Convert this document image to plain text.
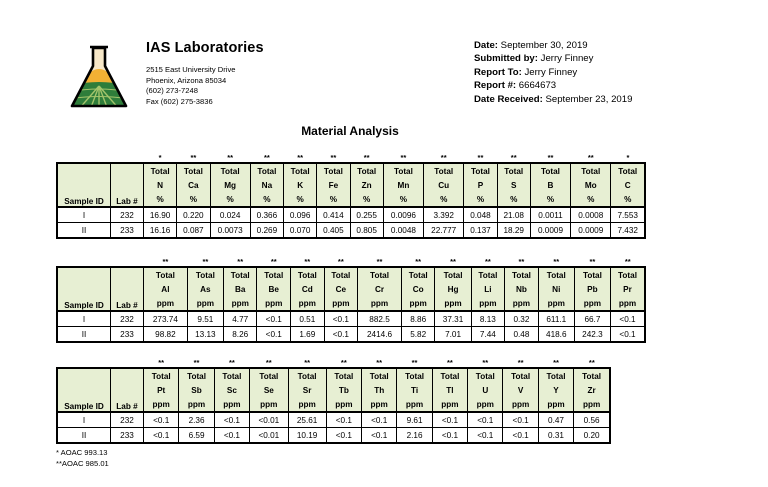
IAS Laboratories
2515 East University Drive
Phoenix, Arizona 85034
(602) 273-7248
Fax (602) 275-3836
Date: September 30, 2019
Submitted by: Jerry Finney
Report To: Jerry Finney
Report #: 6664673
Date Received: September 23, 2019
Material Analysis
		*	**	**	**	**	**	**	**	**	**	**	**	**	*
		Total	Total	Total	Total	Total	Total	Total	Total	Total	Total	Total	Total	Total	Total
		N	Ca	Mg	Na	K	Fe	Zn	Mn	Cu	P	S	B	Mo	C
Sample ID	Lab #	%	%	%	%	%	%	%	%	%	%	%	%	%	%
I	232	16.90	0.220	0.024	0.366	0.096	0.414	0.255	0.0096	3.392	0.048	21.08	0.0011	0.0008	7.553
II	233	16.16	0.087	0.0073	0.269	0.070	0.405	0.805	0.0048	22.777	0.137	18.29	0.0009	0.0009	7.432
		**	**	**	**	**	**	**	**	**	**	**	**	**	**
		Total	Total	Total	Total	Total	Total	Total	Total	Total	Total	Total	Total	Total	Total
		Al	As	Ba	Be	Cd	Ce	Cr	Co	Hg	Li	Nb	Ni	Pb	Pr
Sample ID	Lab #	ppm	ppm	ppm	ppm	ppm	ppm	ppm	ppm	ppm	ppm	ppm	ppm	ppm	ppm
I	232	273.74	9.51	4.77	<0.1	0.51	<0.1	882.5	8.86	37.31	8.13	0.32	611.1	66.7	<0.1
II	233	98.82	13.13	8.26	<0.1	1.69	<0.1	2414.6	5.82	7.01	7.44	0.48	418.6	242.3	<0.1
		**	**	**	**	**	**	**	**	**	**	**	**	**
		Total	Total	Total	Total	Total	Total	Total	Total	Total	Total	Total	Total	Total
		Pt	Sb	Sc	Se	Sr	Tb	Th	Ti	Tl	U	V	Y	Zr
Sample ID	Lab #	ppm	ppm	ppm	ppm	ppm	ppm	ppm	ppm	ppm	ppm	ppm	ppm	ppm
I	232	<0.1	2.36	<0.1	<0.01	25.61	<0.1	<0.1	9.61	<0.1	<0.1	<0.1	0.47	0.56
II	233	<0.1	6.59	<0.1	<0.01	10.19	<0.1	<0.1	2.16	<0.1	<0.1	<0.1	0.31	0.20
* AOAC 993.13
**AOAC 985.01
